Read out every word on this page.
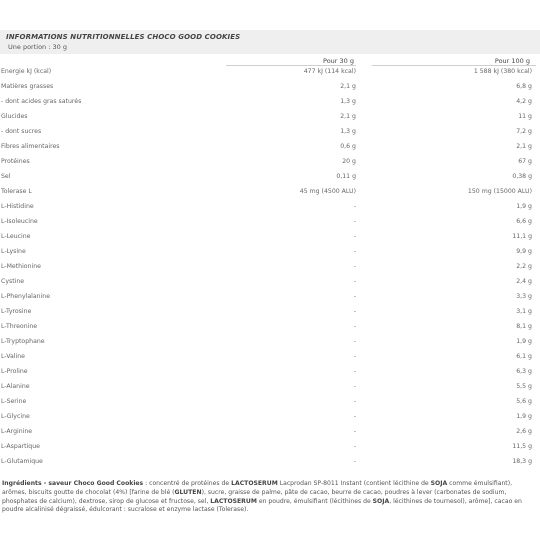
INFORMATIONS NUTRITIONNELLES CHOCO GOOD COOKIES
Une portion : 30 g
Pour 30 g	Pour 100 g
Energie kJ (kcal)	477 kJ (114 kcal)	1 588 kJ (380 kcal)
Matières grasses	2,1 g	6,8 g
- dont acides gras saturés	1,3 g	4,2 g
Glucides	2,1 g	11 g
- dont sucres	1,3 g	7,2 g
Fibres alimentaires	0,6 g	2,1 g
Protéines	20 g	67 g
Sel	0,11 g	0,38 g
Tolerase L	45 mg (4500 ALU)	150 mg (15000 ALU)
L-Histidine	-	1,9 g
L-Isoleucine	-	6,6 g
L-Leucine	-	11,1 g
L-Lysine	-	9,9 g
L-Methionine	-	2,2 g
Cystine	-	2,4 g
L-Phenylalanine	-	3,3 g
L-Tyrosine	-	3,1 g
L-Threonine	-	8,1 g
L-Tryptophane	-	1,9 g
L-Valine	-	6,1 g
L-Proline	-	6,3 g
L-Alanine	-	5,5 g
L-Serine	-	5,6 g
L-Glycine	-	1,9 g
L-Arginine	-	2,6 g
L-Aspartique	-	11,5 g
L-Glutamique	-	18,3 g
Ingrédients - saveur Choco Good Cookies : concentré de protéines de LACTOSERUM Lacprodan SP-8011 Instant (contient lécithine de SOJA comme émulsifiant), arômes, biscuits goutte de chocolat (4%) [farine de blé (GLUTEN), sucre, graisse de palme, pâte de cacao, beurre de cacao, poudres à lever (carbonates de sodium, phosphates de calcium), dextrose, sirop de glucose et fructose, sel, LACTOSERUM en poudre, émulsifiant (lécithines de SOJA, lécithines de tournesol), arôme], cacao en poudre alcalinisé dégraissé, édulcorant : sucralose et enzyme lactase (Tolerase).
